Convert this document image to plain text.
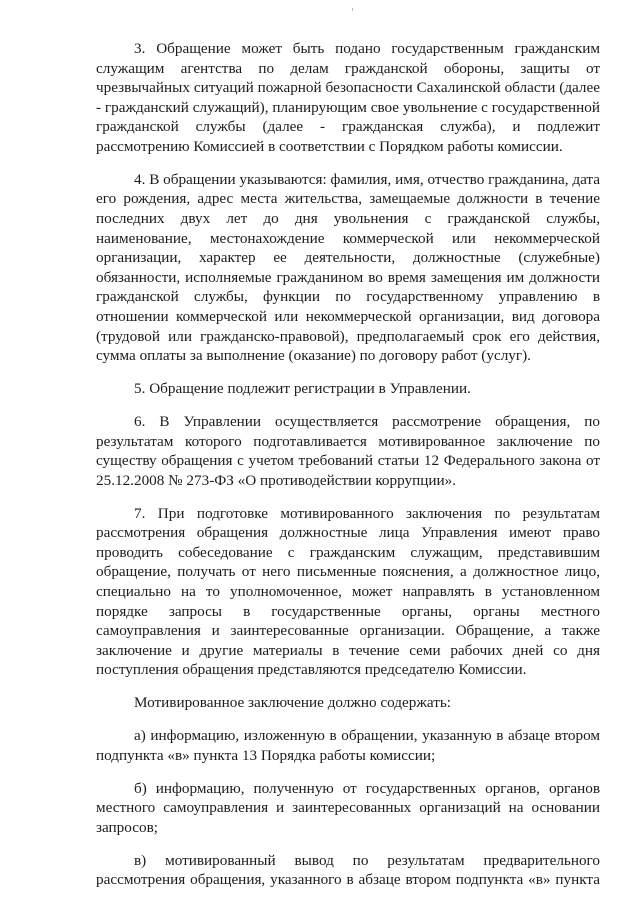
3. Обращение может быть подано государственным гражданским служащим агентства по делам гражданской обороны, защиты от чрезвычайных ситуаций пожарной безопасности Сахалинской области (далее - гражданский служащий), планирующим свое увольнение с государственной гражданской службы (далее - гражданская служба), и подлежит рассмотрению Комиссией в соответствии с Порядком работы комиссии.

4. В обращении указываются: фамилия, имя, отчество гражданина, дата его рождения, адрес места жительства, замещаемые должности в течение последних двух лет до дня увольнения с гражданской службы, наименование, местонахождение коммерческой или некоммерческой организации, характер ее деятельности, должностные (служебные) обязанности, исполняемые гражданином во время замещения им должности гражданской службы, функции по государственному управлению в отношении коммерческой или некоммерческой организации, вид договора (трудовой или гражданско-правовой), предполагаемый срок его действия, сумма оплаты за выполнение (оказание) по договору работ (услуг).

5. Обращение подлежит регистрации в Управлении.

6. В Управлении осуществляется рассмотрение обращения, по результатам которого подготавливается мотивированное заключение по существу обращения с учетом требований статьи 12 Федерального закона от 25.12.2008 № 273-ФЗ «О противодействии коррупции».

7. При подготовке мотивированного заключения по результатам рассмотрения обращения должностные лица Управления имеют право проводить собеседование с гражданским служащим, представившим обращение, получать от него письменные пояснения, а должностное лицо, специально на то уполномоченное, может направлять в установленном порядке запросы в государственные органы, органы местного самоуправления и заинтересованные организации. Обращение, а также заключение и другие материалы в течение семи рабочих дней со дня поступления обращения представляются председателю Комиссии.

Мотивированное заключение должно содержать:

а) информацию, изложенную в обращении, указанную в абзаце втором подпункта «в» пункта 13 Порядка работы комиссии;

б) информацию, полученную от государственных органов, органов местного самоуправления и заинтересованных организаций на основании запросов;

в) мотивированный вывод по результатам предварительного рассмотрения обращения, указанного в абзаце втором подпункта «в» пункта
